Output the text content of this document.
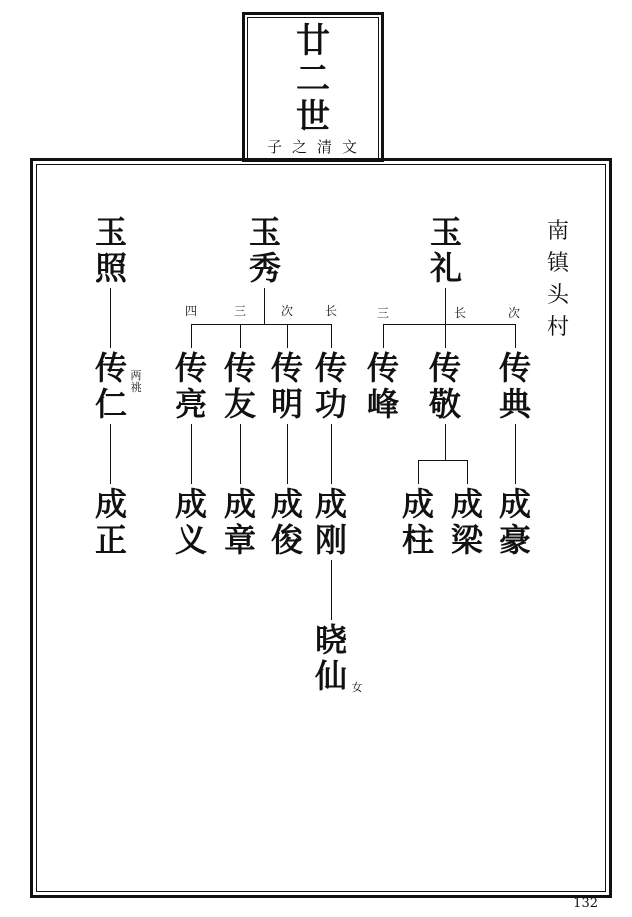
廿
二
世
子之清文
南
镇
头
村
玉
照
玉
秀
玉
礼
四	三	次	长	三	长	次
传
仁
两
祧
传
亮
传
友
传
明
传
功
传
峰
传
敬
传
典
成
正
成
义
成
章
成
俊
成
刚
成
柱
成
梁
成
豪
晓
仙 女
132
